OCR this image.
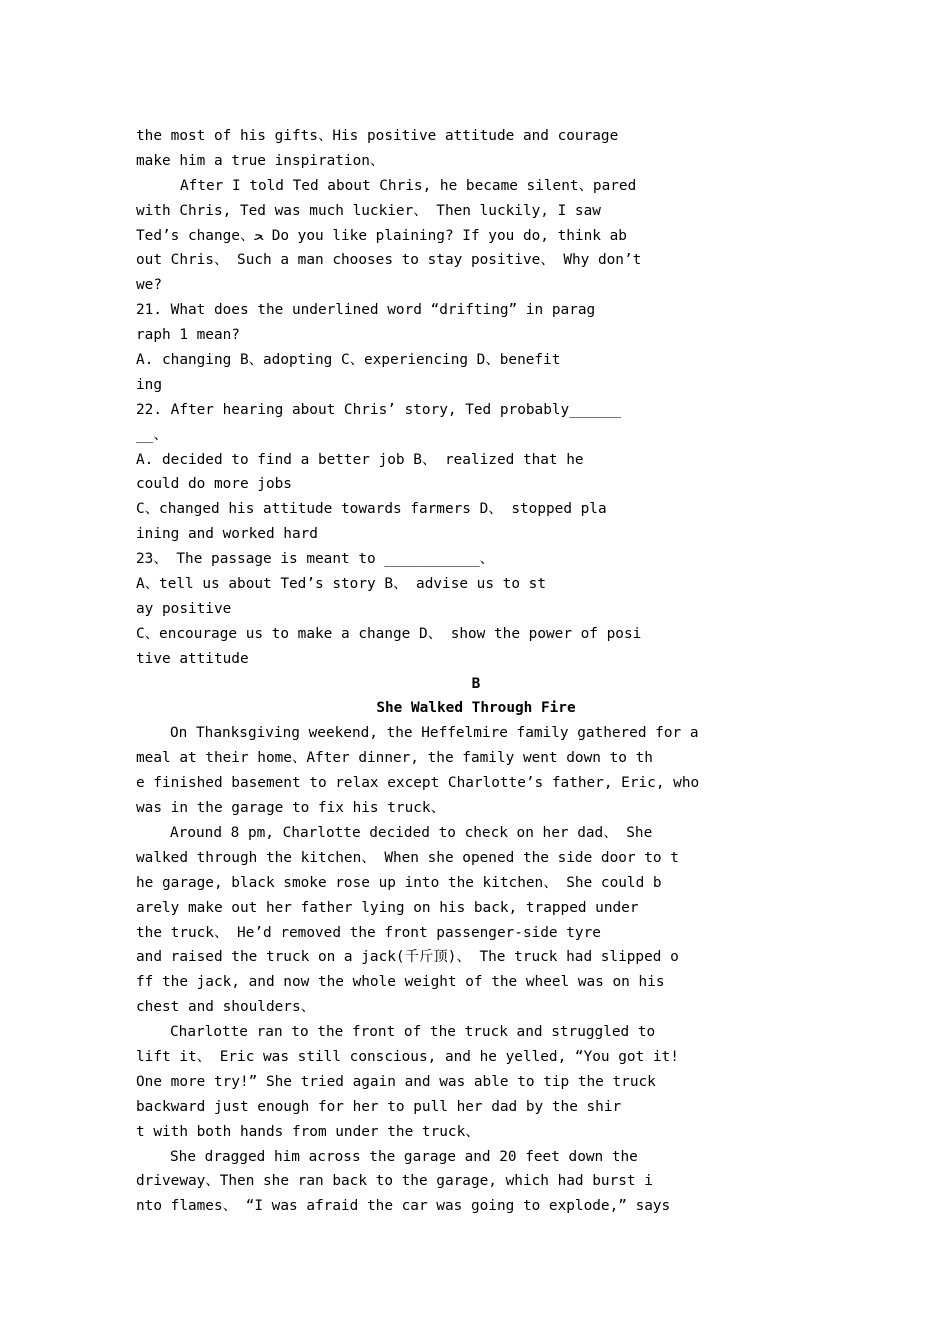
the most of his gifts、His positive attitude and courage
make him a true inspiration、
After I told Ted about Chris, he became silent、pared
with Chris, Ted was much luckier、 Then luckily, I saw
Ted’s change、ﺤ Do you like plaining? If you do, think ab
out Chris、 Such a man chooses to stay positive、 Why don’t
we?
21. What does the underlined word “drifting” in parag
raph 1 mean?
A. changing B、adopting C、experiencing D、benefit
ing
22. After hearing about Chris’ story, Ted probably______
__、
A. decided to find a better job B、 realized that he
could do more jobs
C、changed his attitude towards farmers D、 stopped pla
ining and worked hard
23、 The passage is meant to ___________、
A、tell us about Ted’s story B、 advise us to st
ay positive
C、encourage us to make a change D、 show the power of posi
tive attitude
B
She Walked Through Fire
On Thanksgiving weekend, the Heffelmire family gathered for a
meal at their home、After dinner, the family went down to th
e finished basement to relax except Charlotte’s father, Eric, who
was in the garage to fix his truck、
Around 8 pm, Charlotte decided to check on her dad、 She
walked through the kitchen、 When she opened the side door to t
he garage, black smoke rose up into the kitchen、 She could b
arely make out her father lying on his back, trapped under
the truck、 He’d removed the front passenger-side tyre
and raised the truck on a jack(千斤顶)、 The truck had slipped o
ff the jack, and now the whole weight of the wheel was on his
chest and shoulders、
Charlotte ran to the front of the truck and struggled to
lift it、 Eric was still conscious, and he yelled, “You got it!
One more try!” She tried again and was able to tip the truck
backward just enough for her to pull her dad by the shir
t with both hands from under the truck、
She dragged him across the garage and 20 feet down the
driveway、Then she ran back to the garage, which had burst i
nto flames、 “I was afraid the car was going to explode,” says
